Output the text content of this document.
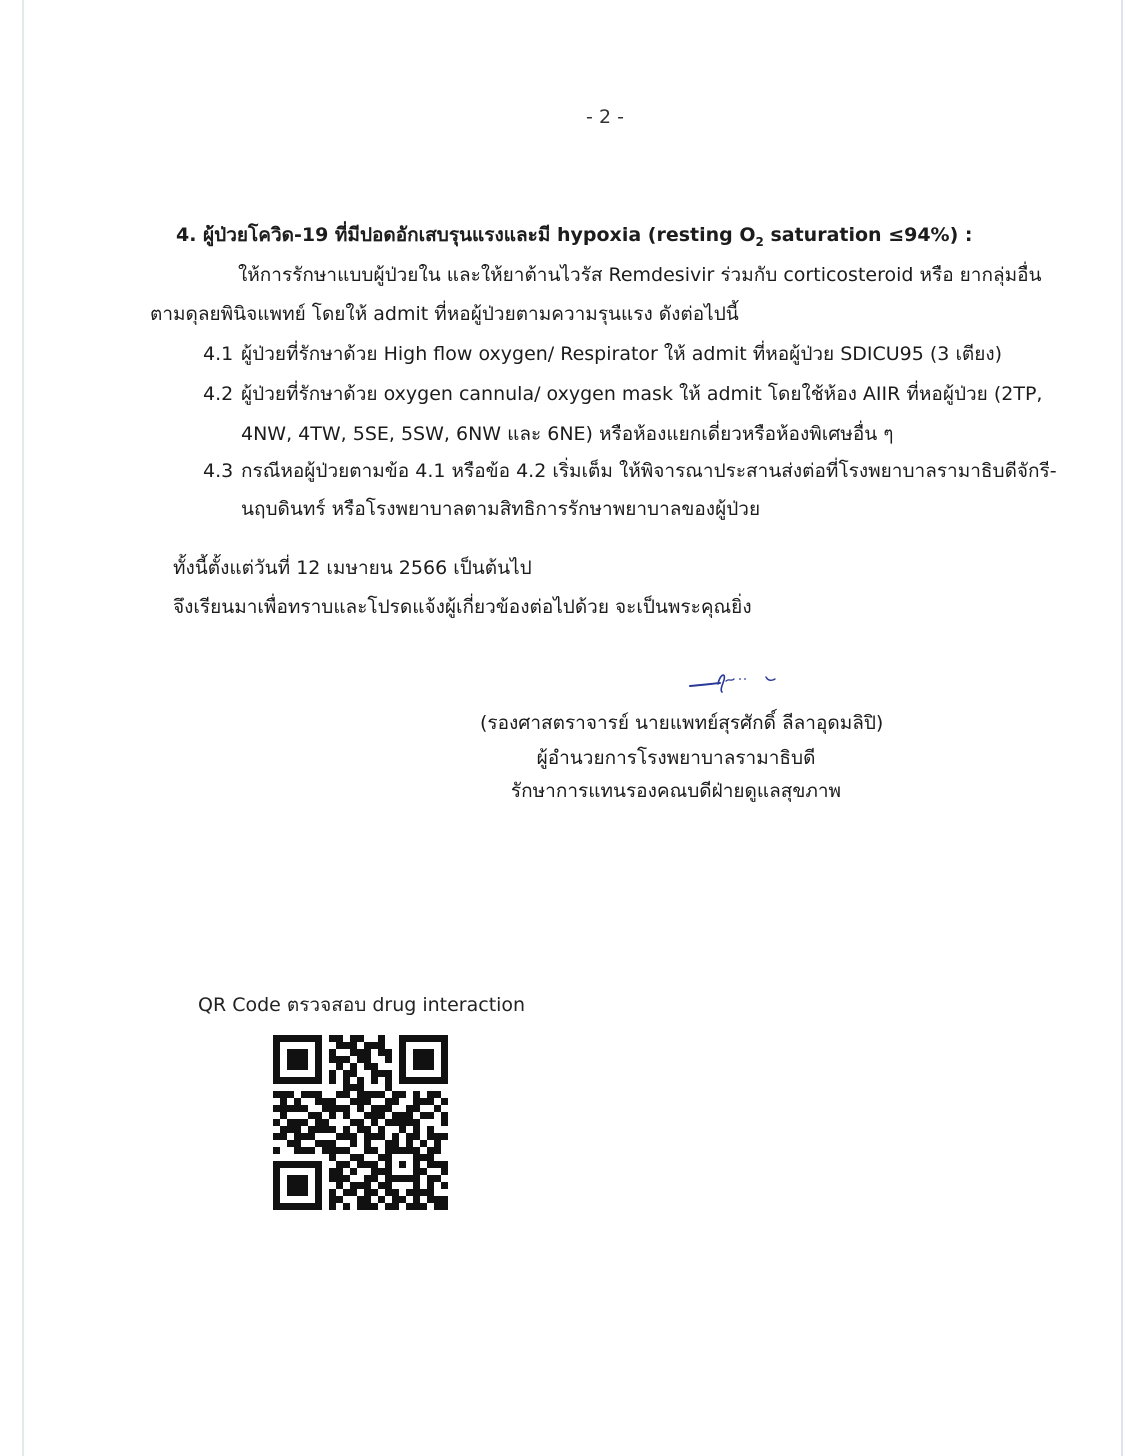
- 2 -
4. ผู้ป่วยโควิด-19 ที่มีปอดอักเสบรุนแรงและมี hypoxia (resting $O_2$ saturation ≤94%) :
ให้การรักษาแบบผู้ป่วยใน และให้ยาต้านไวรัส Remdesivir ร่วมกับ corticosteroid หรือ ยากลุ่มอื่น
ตามดุลยพินิจแพทย์ โดยให้ admit ที่หอผู้ป่วยตามความรุนแรง ดังต่อไปนี้
4.1 ผู้ป่วยที่รักษาด้วย High flow oxygen/ Respirator ให้ admit ที่หอผู้ป่วย SDICU95 (3 เตียง)
4.2 ผู้ป่วยที่รักษาด้วย oxygen cannula/ oxygen mask ให้ admit โดยใช้ห้อง AIIR ที่หอผู้ป่วย (2TP,
4NW, 4TW, 5SE, 5SW, 6NW และ 6NE) หรือห้องแยกเดี่ยวหรือห้องพิเศษอื่น ๆ
4.3 กรณีหอผู้ป่วยตามข้อ 4.1 หรือข้อ 4.2 เริ่มเต็ม ให้พิจารณาประสานส่งต่อที่โรงพยาบาลรามาธิบดีจักรี-
นฤบดินทร์ หรือโรงพยาบาลตามสิทธิการรักษาพยาบาลของผู้ป่วย
ทั้งนี้ตั้งแต่วันที่ 12 เมษายน 2566 เป็นต้นไป
จึงเรียนมาเพื่อทราบและโปรดแจ้งผู้เกี่ยวข้องต่อไปด้วย จะเป็นพระคุณยิ่ง
(รองศาสตราจารย์ นายแพทย์สุรศักดิ์ ลีลาอุดมลิปิ)
ผู้อำนวยการโรงพยาบาลรามาธิบดี
รักษาการแทนรองคณบดีฝ่ายดูแลสุขภาพ
QR Code ตรวจสอบ drug interaction
